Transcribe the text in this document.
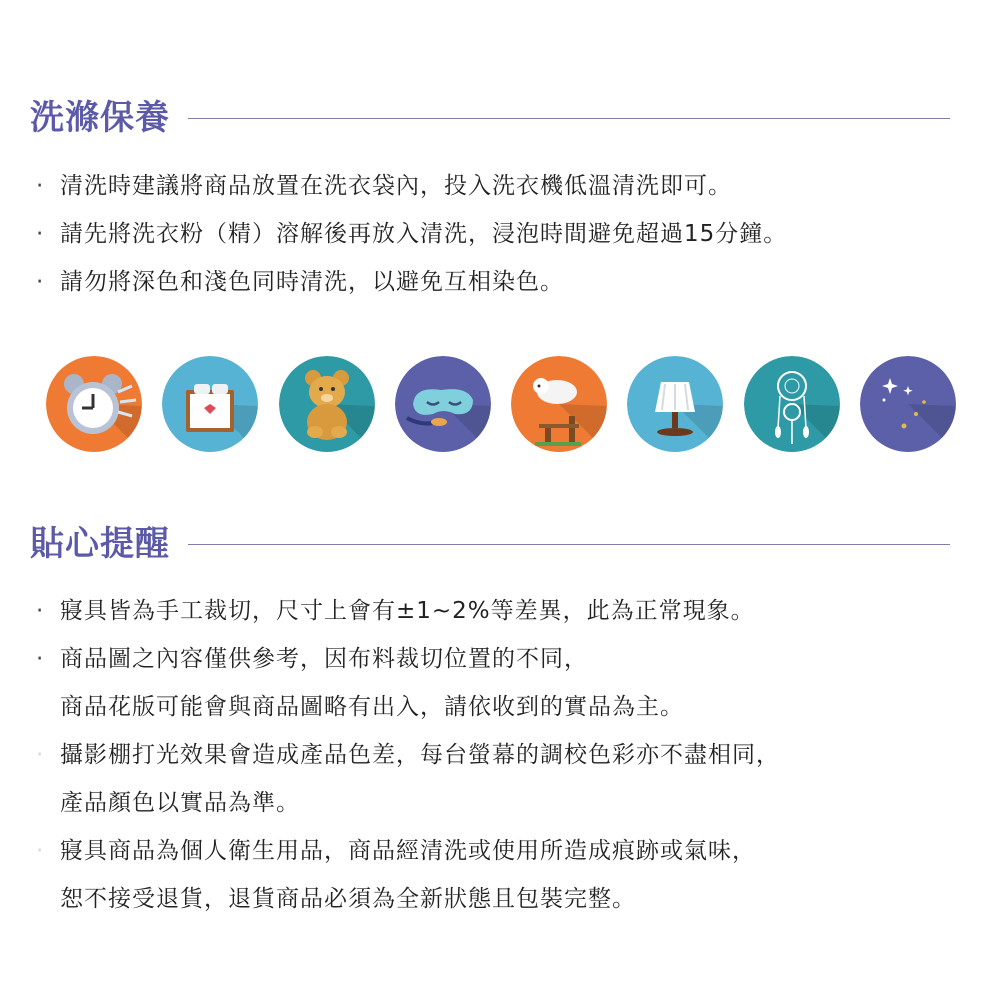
洗滌保養
· 清洗時建議將商品放置在洗衣袋內，投入洗衣機低溫清洗即可。
· 請先將洗衣粉（精）溶解後再放入清洗，浸泡時間避免超過15分鐘。
· 請勿將深色和淺色同時清洗，以避免互相染色。
貼心提醒
· 寢具皆為手工裁切，尺寸上會有±1~2%等差異，此為正常現象。
· 商品圖之內容僅供參考，因布料裁切位置的不同，
商品花版可能會與商品圖略有出入，請依收到的實品為主。
· 攝影棚打光效果會造成產品色差，每台螢幕的調校色彩亦不盡相同，
產品顏色以實品為準。
· 寢具商品為個人衛生用品，商品經清洗或使用所造成痕跡或氣味，
恕不接受退貨，退貨商品必須為全新狀態且包裝完整。
